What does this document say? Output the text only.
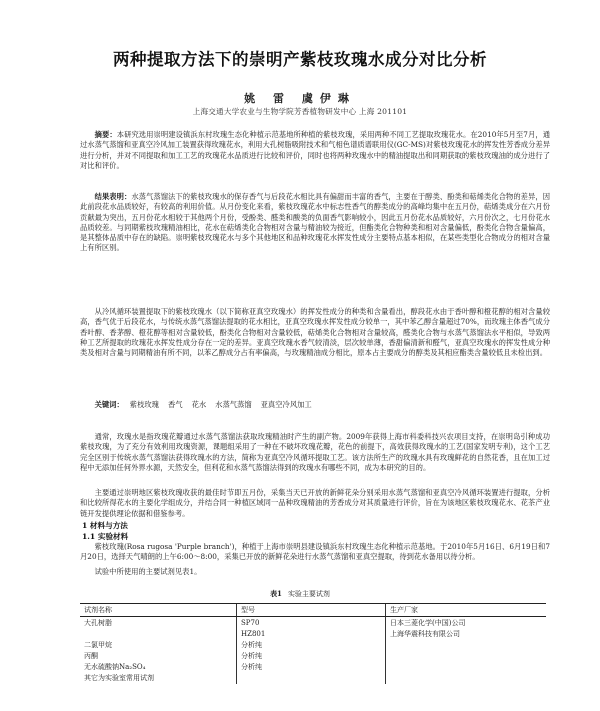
两种提取方法下的崇明产紫枝玫瑰水成分对比分析
姚 雷 虞伊琳
上海交通大学农业与生物学院芳香植物研发中心 上海 201101
摘要：本研究选用崇明建设镇浜东村玫瑰生态化种植示范基地所种植的紫枝玫瑰，采用两种不同工艺提取玫瑰花水。在2010年5月至7月，通过水蒸气蒸馏和亚真空冷风加工装置获得玫瑰花水，利用大孔树脂吸附技术和气相色谱质谱联用仪(GC-MS)对紫枝玫瑰花水的挥发性芳香成分差异进行分析，并对不同提取和加工工艺的玫瑰花水品质进行比较和评价，同时也将两种玫瑰水中的精油提取出和同期获取的紫枝玫瑰油的成分进行了对比和评价。
结果表明：水蒸气蒸馏法下的紫枝玫瑰水的保存香气与后段花水相比具有偏甜而丰富的香气，主要在于醇类、酚类和萜烯类化合物的差异，因此前段花水品质较好，有较高的利用价值。从月份变化来看，紫枝玫瑰花水中标志性香气的醇类成分的高峰均集中在五月份，萜烯类成分在六月份贡献最为突出，五月份花水相较于其他两个月份，受酚类、醛类和酸类的负面香气影响较小，因此五月份花水品质较好，六月份次之，七月份花水品质较差。与同期紫枝玫瑰精油相比，花水在萜烯类化合物相对含量与精油较为接近，但酯类化合物种类和相对含量偏低，酚类化合物含量偏高，是其整体品质中存在的缺陷。崇明紫枝玫瑰花水与多个其他地区和品种玫瑰花水挥发性成分主要特点基本相似，在某些类型化合物成分的相对含量上有所区别。
从冷风循环装置提取下的紫枝玫瑰水（以下简称亚真空玫瑰水）的挥发性成分的种类和含量看出，醇段花水由于香叶醇和橙花醇的相对含量较高，香气优于后段花水，与传统水蒸气蒸馏法提取的花水相比，亚真空玫瑰水挥发性成分较单一，其中苯乙醇含量超过70%，而玫瑰主体香气成分香叶醇、香茅醇、橙花醇等相对含量较低，酚类化合物相对含量较低，萜烯类化合物相对含量较高，醛类化合物与水蒸气蒸馏法水平相似，导致两种工艺所提取的玫瑰花水挥发性成分存在一定的差异。亚真空玫瑰水香气较清淡，层次较单薄，香甜偏清新和醛气，亚真空玫瑰水的挥发性成分种类及相对含量与同期精油有所不同，以苯乙醇成分占有率偏高，与玫瑰精油成分相比，原本占主要成分的醇类及其相应酯类含量较低且未检出到。
关键词： 紫枝玫瑰 香气 花水 水蒸气蒸馏 亚真空冷风加工
通常，玫瑰水是指玫瑰花瓣通过水蒸气蒸馏法获取玫瑰精油时产生的副产物。2009年获得上海市科委科技兴农项目支持，在崇明岛引种成功紫枝玫瑰，为了充分有效利用玫瑰资源，课题组采用了一种在不破坏玫瑰花瓣，花色的前提下，高效获得玫瑰水的工艺(国家发明专利)，这个工艺完全区别于传统水蒸气蒸馏法获得玫瑰水的方法，简称为亚真空冷风循环提取工艺。该方法所生产的玫瑰水具有玫瑰鲜花的自然花香，且在加工过程中无添加任何外界水源，天然安全，但利花和水蒸气蒸馏法得到的玫瑰水有哪些不同，成为本研究的目的。
主要通过崇明地区紫枝玫瑰收获的最佳时节即五月份，采集当天已开放的新鲜花朵分别采用水蒸气蒸馏和亚真空冷风循环装置进行提取，分析和比较所得花水的主要化学组成分，并结合同一种植区域同一品种玫瑰精油的芳香成分对其质量进行评价，旨在为该地区紫枝玫瑰花水、花茶产业链开发提供理论依据和借鉴参考。
1 材料与方法
1.1 实验材料
紫枝玫瑰(Rosa rugosa 'Purple branch')，种植于上海市崇明县建设镇浜东村玫瑰生态化种植示范基地。于2010年5月16日、6月19日和7月20日，选择天气晴朗的上午6:00～8:00，采集已开放的新鲜花朵进行水蒸气蒸馏和亚真空提取，待到花水备用以待分析。
试验中所使用的主要试剂见表1。
表1 实验主要试剂
试剂名称	型号	生产厂家
大孔树脂	SP70	日本三菱化学(中国)公司
	HZ801	上海华震科技有限公司
二氯甲烷	分析纯	
丙酮	分析纯	
无水硫酸钠Na₂SO₄	分析纯	
其它为实验室常用试剂		
